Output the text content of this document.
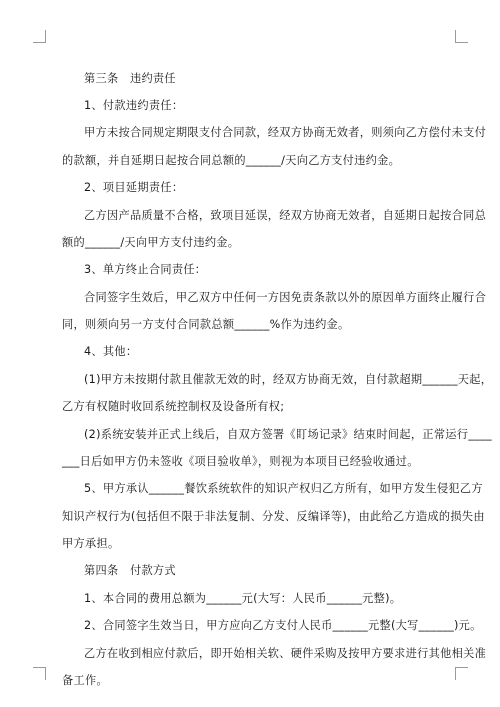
第三条　违约责任
1、付款违约责任：
甲方未按合同规定期限支付合同款，经双方协商无效者，则须向乙方偿付未支付
的款额，并自延期日起按合同总额的______/天向乙方支付违约金。
2、项目延期责任：
乙方因产品质量不合格，致项目延误，经双方协商无效者，自延期日起按合同总
额的______/天向甲方支付违约金。
3、单方终止合同责任：
合同签字生效后，甲乙双方中任何一方因免责条款以外的原因单方面终止履行合
同，则须向另一方支付合同款总额______%作为违约金。
4、其他：
(1)甲方未按期付款且催款无效的时，经双方协商无效，自付款超期______天起，
乙方有权随时收回系统控制权及设备所有权;
(2)系统安装并正式上线后，自双方签署《盯场记录》结束时间起，正常运行____
___日后如甲方仍未签收《项目验收单》，则视为本项目已经验收通过。
5、甲方承认______餐饮系统软件的知识产权归乙方所有，如甲方发生侵犯乙方
知识产权行为(包括但不限于非法复制、分发、反编译等)，由此给乙方造成的损失由
甲方承担。
第四条　付款方式
1、本合同的费用总额为______元(大写：人民币______元整)。
2、合同签字生效当日，甲方应向乙方支付人民币______元整(大写______)元。
乙方在收到相应付款后，即开始相关软、硬件采购及按甲方要求进行其他相关准
备工作。
